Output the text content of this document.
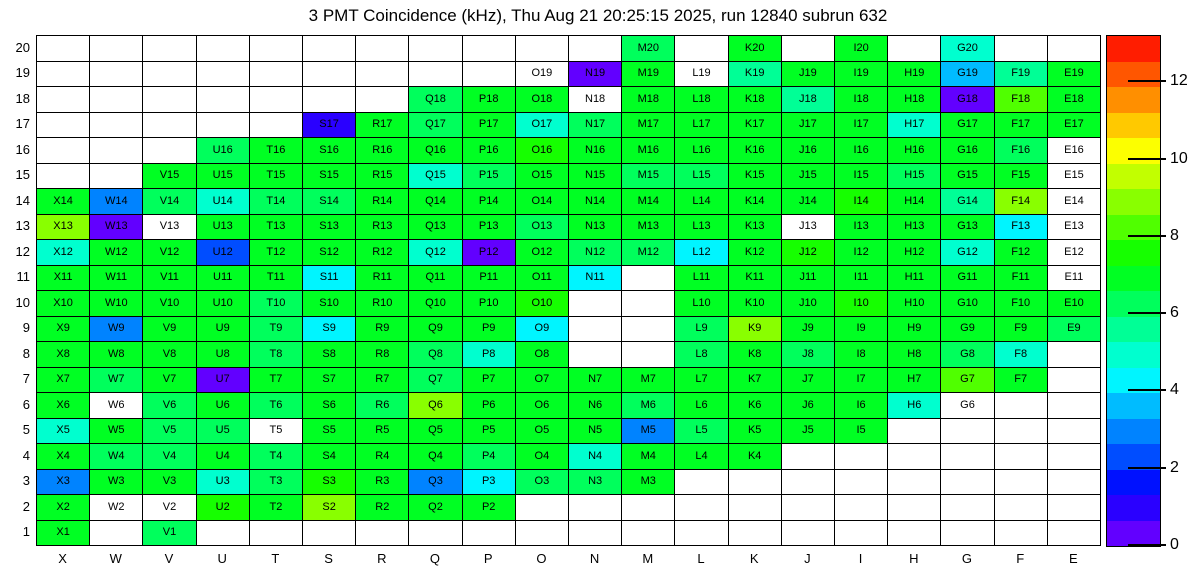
3 PMT Coincidence (kHz), Thu Aug 21 20:25:15 2025, run 12840 subrun 632
M20	K20	I20	G20
O19	N19	M19	L19	K19	J19	I19	H19	G19	F19	E19
Q18	P18	O18	N18	M18	L18	K18	J18	I18	H18	G18	F18	E18
S17	R17	Q17	P17	O17	N17	M17	L17	K17	J17	I17	H17	G17	F17	E17
U16	T16	S16	R16	Q16	P16	O16	N16	M16	L16	K16	J16	I16	H16	G16	F16	E16
V15	U15	T15	S15	R15	Q15	P15	O15	N15	M15	L15	K15	J15	I15	H15	G15	F15	E15
X14	W14	V14	U14	T14	S14	R14	Q14	P14	O14	N14	M14	L14	K14	J14	I14	H14	G14	F14	E14
X13	W13	V13	U13	T13	S13	R13	Q13	P13	O13	N13	M13	L13	K13	J13	I13	H13	G13	F13	E13
X12	W12	V12	U12	T12	S12	R12	Q12	P12	O12	N12	M12	L12	K12	J12	I12	H12	G12	F12	E12
X11	W11	V11	U11	T11	S11	R11	Q11	P11	O11	N11	L11	K11	J11	I11	H11	G11	F11	E11
X10	W10	V10	U10	T10	S10	R10	Q10	P10	O10	L10	K10	J10	I10	H10	G10	F10	E10
X9	W9	V9	U9	T9	S9	R9	Q9	P9	O9	L9	K9	J9	I9	H9	G9	F9	E9
X8	W8	V8	U8	T8	S8	R8	Q8	P8	O8	L8	K8	J8	I8	H8	G8	F8
X7	W7	V7	U7	T7	S7	R7	Q7	P7	O7	N7	M7	L7	K7	J7	I7	H7	G7	F7
X6	W6	V6	U6	T6	S6	R6	Q6	P6	O6	N6	M6	L6	K6	J6	I6	H6	G6
X5	W5	V5	U5	T5	S5	R5	Q5	P5	O5	N5	M5	L5	K5	J5	I5
X4	W4	V4	U4	T4	S4	R4	Q4	P4	O4	N4	M4	L4	K4
X3	W3	V3	U3	T3	S3	R3	Q3	P3	O3	N3	M3
X2	W2	V2	U2	T2	S2	R2	Q2	P2
X1	V1
20
19
18
17
16
15
14
13
12
11
10
9
8
7
6
5
4
3
2
1
X	W	V	U	T	S	R	Q	P	O	N	M	L	K	J	I	H	G	F	E
0
2
4
6
8
10
12
